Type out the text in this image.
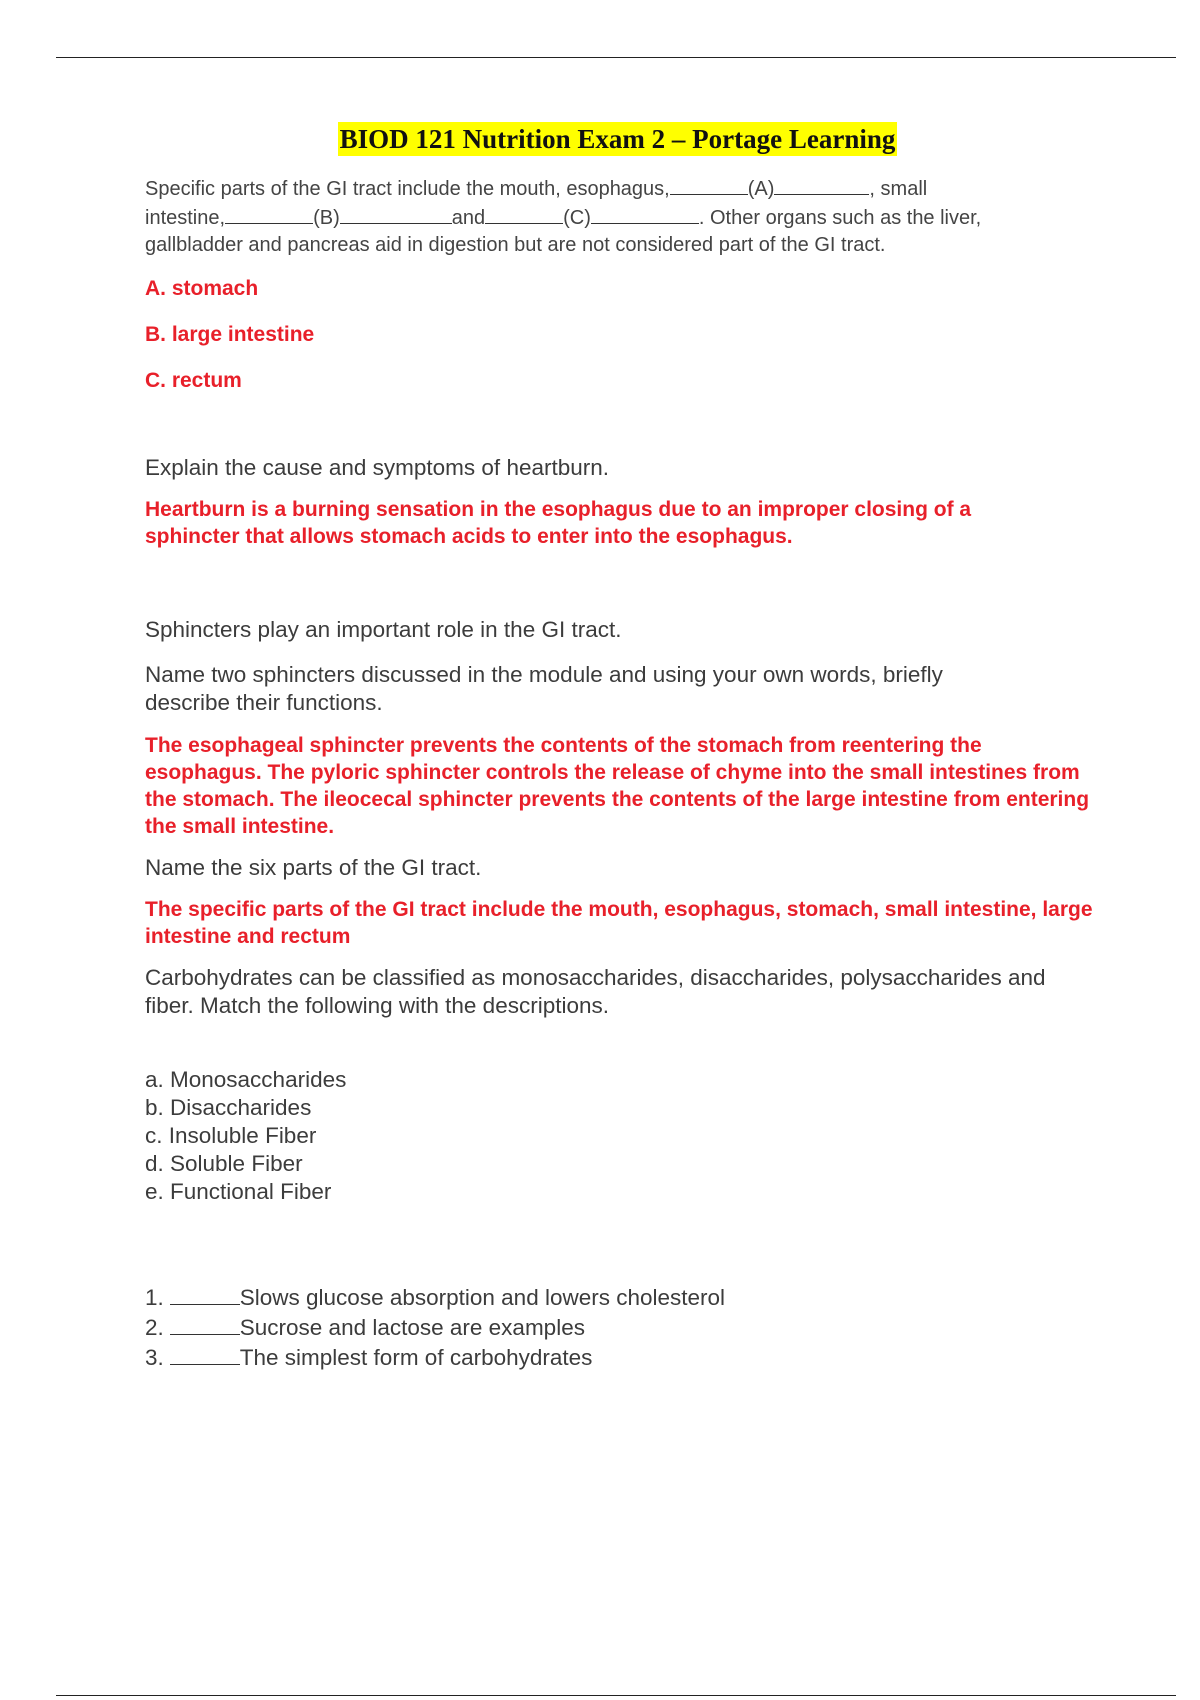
BIOD 121 Nutrition Exam 2 – Portage Learning

Specific parts of the GI tract include the mouth, esophagus,	(A)	, small
intestine,	(B)	and	(C)	. Other organs such as the liver,
gallbladder and pancreas aid in digestion but are not considered part of the GI tract.

A. stomach

B. large intestine

C. rectum

Explain the cause and symptoms of heartburn.

Heartburn is a burning sensation in the esophagus due to an improper closing of a sphincter that allows stomach acids to enter into the esophagus.

Sphincters play an important role in the GI tract.

Name two sphincters discussed in the module and using your own words, briefly describe their functions.

The esophageal sphincter prevents the contents of the stomach from reentering the esophagus. The pyloric sphincter controls the release of chyme into the small intestines from the stomach. The ileocecal sphincter prevents the contents of the large intestine from entering the small intestine.

Name the six parts of the GI tract.

The specific parts of the GI tract include the mouth, esophagus, stomach, small intestine, large intestine and rectum

Carbohydrates can be classified as monosaccharides, disaccharides, polysaccharides and fiber. Match the following with the descriptions.

a. Monosaccharides

b. Disaccharides

c. Insoluble Fiber

d. Soluble Fiber

e. Functional Fiber

1.	Slows glucose absorption and lowers cholesterol

2.	Sucrose and lactose are examples

3.	The simplest form of carbohydrates
